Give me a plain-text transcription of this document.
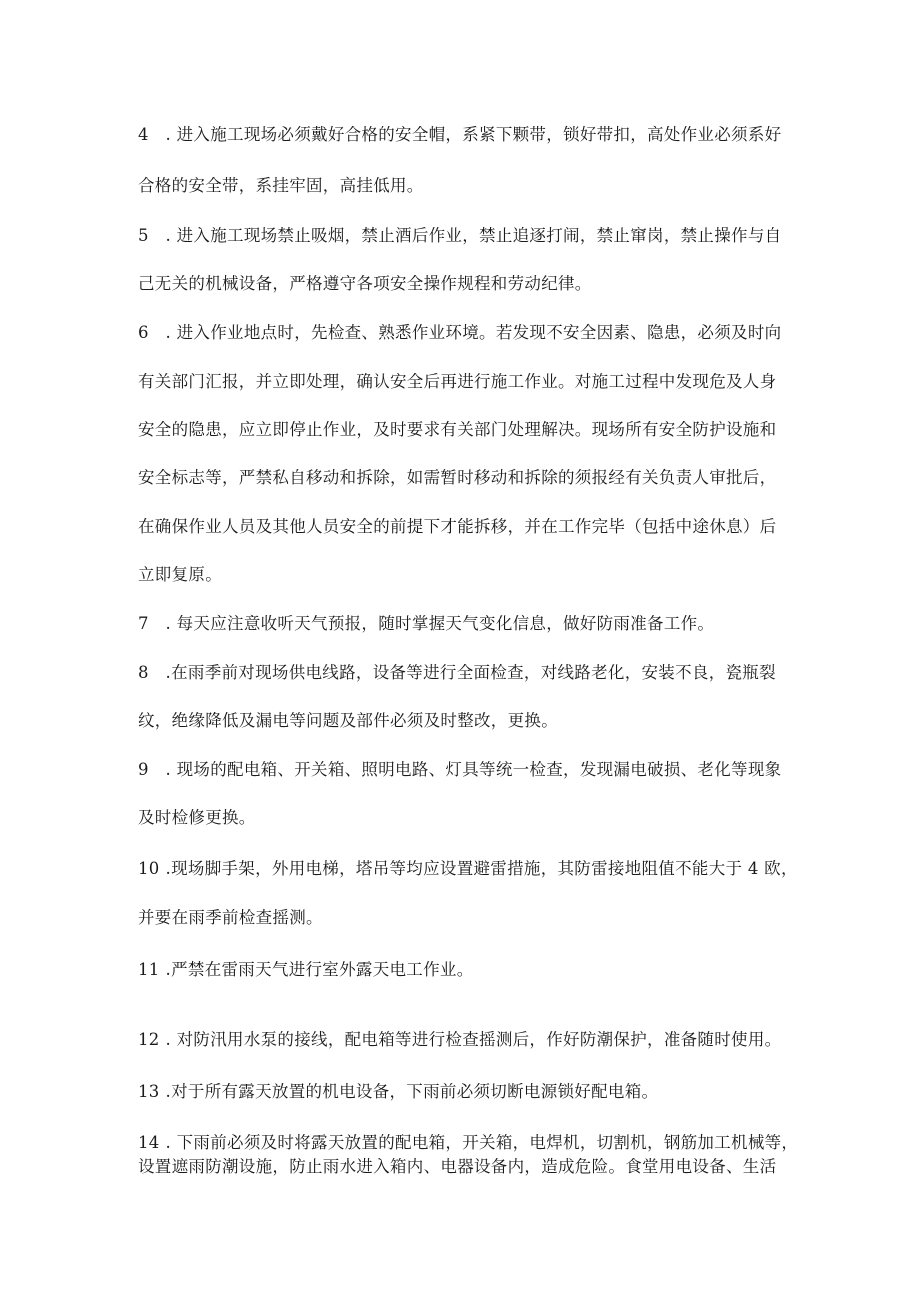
4 . 进入施工现场必须戴好合格的安全帽，系紧下颗带，锁好带扣，高处作业必须系好
合格的安全带，系挂牢固，高挂低用。
5 . 进入施工现场禁止吸烟，禁止酒后作业，禁止追逐打闹，禁止窜岗，禁止操作与自
己无关的机械设备，严格遵守各项安全操作规程和劳动纪律。
6 . 进入作业地点时，先检查、熟悉作业环境。若发现不安全因素、隐患，必须及时向
有关部门汇报，并立即处理，确认安全后再进行施工作业。对施工过程中发现危及人身
安全的隐患，应立即停止作业，及时要求有关部门处理解决。现场所有安全防护设施和
安全标志等，严禁私自移动和拆除，如需暂时移动和拆除的须报经有关负责人审批后，
在确保作业人员及其他人员安全的前提下才能拆移，并在工作完毕（包括中途休息）后
立即复原。
7 . 每天应注意收听天气预报，随时掌握天气变化信息，做好防雨准备工作。
8 .在雨季前对现场供电线路，设备等进行全面检查，对线路老化，安装不良，瓷瓶裂
纹，绝缘降低及漏电等问题及部件必须及时整改，更换。
9 . 现场的配电箱、开关箱、照明电路、灯具等统一检查，发现漏电破损、老化等现象
及时检修更换。
10 .现场脚手架，外用电梯，塔吊等均应设置避雷措施，其防雷接地阻值不能大于 4 欧，
并要在雨季前检查摇测。
11 .严禁在雷雨天气进行室外露天电工作业。
12 . 对防汛用水泵的接线，配电箱等进行检查摇测后，作好防潮保护，准备随时使用。
13 .对于所有露天放置的机电设备，下雨前必须切断电源锁好配电箱。
14 . 下雨前必须及时将露天放置的配电箱，开关箱，电焊机，切割机，钢筋加工机械等，
设置遮雨防潮设施，防止雨水进入箱内、电器设备内，造成危险。食堂用电设备、生活
